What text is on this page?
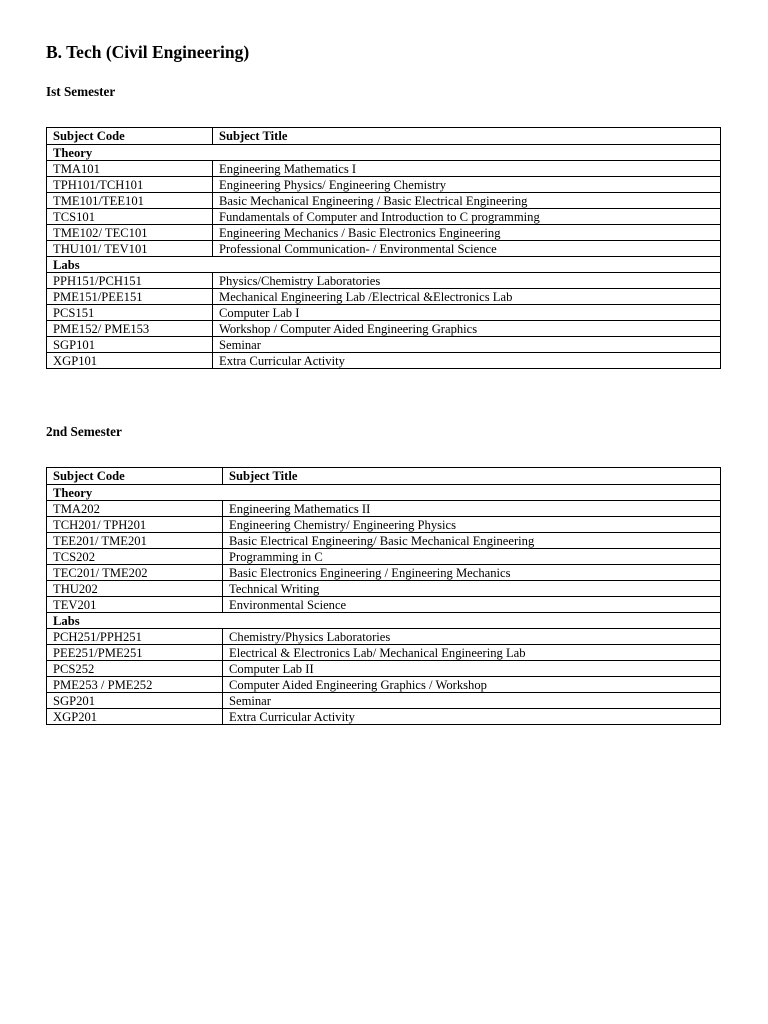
B. Tech (Civil Engineering)
Ist Semester
Subject Code	Subject Title
Theory	
TMA101	Engineering Mathematics I
TPH101/TCH101	Engineering Physics/ Engineering Chemistry
TME101/TEE101	Basic Mechanical Engineering / Basic Electrical Engineering
TCS101	Fundamentals of Computer and Introduction to C programming
TME102/ TEC101	Engineering Mechanics / Basic Electronics Engineering
THU101/ TEV101	Professional Communication- / Environmental Science
Labs	
PPH151/PCH151	Physics/Chemistry Laboratories
PME151/PEE151	Mechanical Engineering Lab /Electrical &Electronics Lab
PCS151	Computer Lab I
PME152/ PME153	Workshop / Computer Aided Engineering Graphics
SGP101	Seminar
XGP101	Extra Curricular Activity
2nd Semester
Subject Code	Subject Title
Theory	
TMA202	Engineering Mathematics II
TCH201/ TPH201	Engineering Chemistry/ Engineering Physics
TEE201/ TME201	Basic Electrical Engineering/ Basic Mechanical Engineering
TCS202	Programming in C
TEC201/ TME202	Basic Electronics Engineering / Engineering Mechanics
THU202	Technical Writing
TEV201	Environmental Science
Labs	
PCH251/PPH251	Chemistry/Physics Laboratories
PEE251/PME251	Electrical & Electronics Lab/ Mechanical Engineering Lab
PCS252	Computer Lab II
PME253 / PME252	Computer Aided Engineering Graphics / Workshop
SGP201	Seminar
XGP201	Extra Curricular Activity
